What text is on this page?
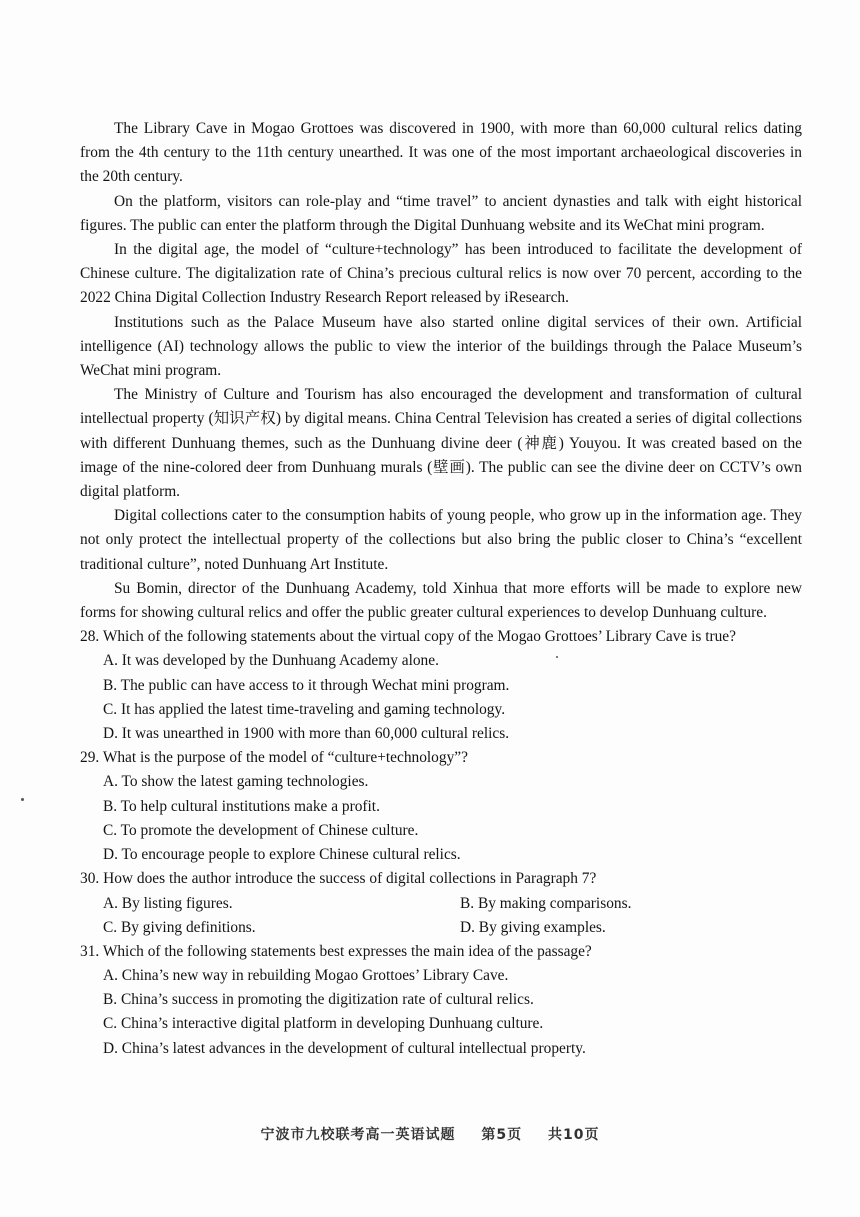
The Library Cave in Mogao Grottoes was discovered in 1900, with more than 60,000 cultural relics dating from the 4th century to the 11th century unearthed. It was one of the most important archaeological discoveries in the 20th century.

On the platform, visitors can role-play and “time travel” to ancient dynasties and talk with eight historical figures. The public can enter the platform through the Digital Dunhuang website and its WeChat mini program.

In the digital age, the model of “culture+technology” has been introduced to facilitate the development of Chinese culture. The digitalization rate of China’s precious cultural relics is now over 70 percent, according to the 2022 China Digital Collection Industry Research Report released by iResearch.

Institutions such as the Palace Museum have also started online digital services of their own. Artificial intelligence (AI) technology allows the public to view the interior of the buildings through the Palace Museum’s WeChat mini program.

The Ministry of Culture and Tourism has also encouraged the development and transformation of cultural intellectual property (知识产权) by digital means. China Central Television has created a series of digital collections with different Dunhuang themes, such as the Dunhuang divine deer (神鹿) Youyou. It was created based on the image of the nine-colored deer from Dunhuang murals (壁画). The public can see the divine deer on CCTV’s own digital platform.

Digital collections cater to the consumption habits of young people, who grow up in the information age. They not only protect the intellectual property of the collections but also bring the public closer to China’s “excellent traditional culture”, noted Dunhuang Art Institute.

Su Bomin, director of the Dunhuang Academy, told Xinhua that more efforts will be made to explore new forms for showing cultural relics and offer the public greater cultural experiences to develop Dunhuang culture.

28. Which of the following statements about the virtual copy of the Mogao Grottoes’ Library Cave is true?

A. It was developed by the Dunhuang Academy alone.

B. The public can have access to it through Wechat mini program.

C. It has applied the latest time-traveling and gaming technology.

D. It was unearthed in 1900 with more than 60,000 cultural relics.

29. What is the purpose of the model of “culture+technology”?

A. To show the latest gaming technologies.

B. To help cultural institutions make a profit.

C. To promote the development of Chinese culture.

D. To encourage people to explore Chinese cultural relics.

30. How does the author introduce the success of digital collections in Paragraph 7?

A. By listing figures.	B. By making comparisons.
C. By giving definitions.	D. By giving examples.

31. Which of the following statements best expresses the main idea of the passage?

A. China’s new way in rebuilding Mogao Grottoes’ Library Cave.

B. China’s success in promoting the digitization rate of cultural relics.

C. China’s interactive digital platform in developing Dunhuang culture.

D. China’s latest advances in the development of cultural intellectual property.

宁波市九校联考高一英语试题 第5页 共10页
